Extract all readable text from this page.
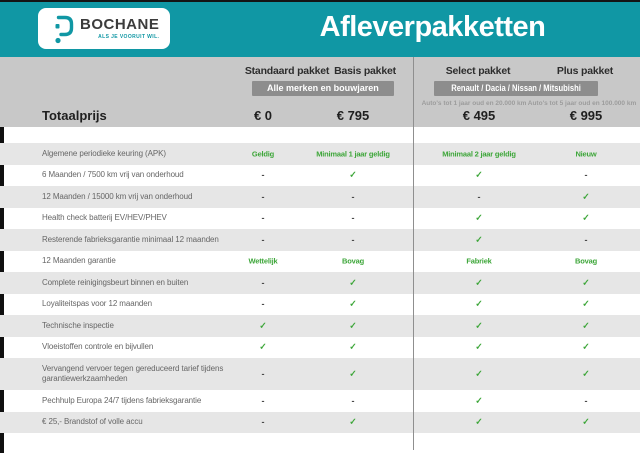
BOCHANE
ALS JE VOORUIT WIL.	Afleverpakketten
Standaard pakket Basis pakket	Select pakket	Plus pakket
Alle merken en bouwjaren	Renault / Dacia / Nissan / Mitsubishi
Auto's tot 1 jaar oud en 20.000 km Auto's tot 5 jaar oud en 100.000 km
Totaalprijs	€ 0	€ 795	€ 495	€ 995
Algemene periodieke keuring (APK)	Geldig	Minimaal 1 jaar geldig	Minimaal 2 jaar geldig	Nieuw
6 Maanden / 7500 km vrij van onderhoud	-	✓	✓	-
12 Maanden / 15000 km vrij van onderhoud	-	-	-	✓
Health check batterij EV/HEV/PHEV	-	-	✓	✓
Resterende fabrieksgarantie minimaal 12 maanden	-	-	✓	-
12 Maanden garantie	Wettelijk	Bovag	Fabriek	Bovag
Complete reinigingsbeurt binnen en buiten	-	✓	✓	✓
Loyaliteitspas voor 12 maanden	-	✓	✓	✓
Technische inspectie	✓	✓	✓	✓
Vloeistoffen controle en bijvullen	✓	✓	✓	✓
Vervangend vervoer tegen gereduceerd tarief tijdens garantiewerkzaamheden	-	✓	✓	✓
Pechhulp Europa 24/7 tijdens fabrieksgarantie	-	-	✓	-
€ 25,- Brandstof of volle accu	-	✓	✓	✓
